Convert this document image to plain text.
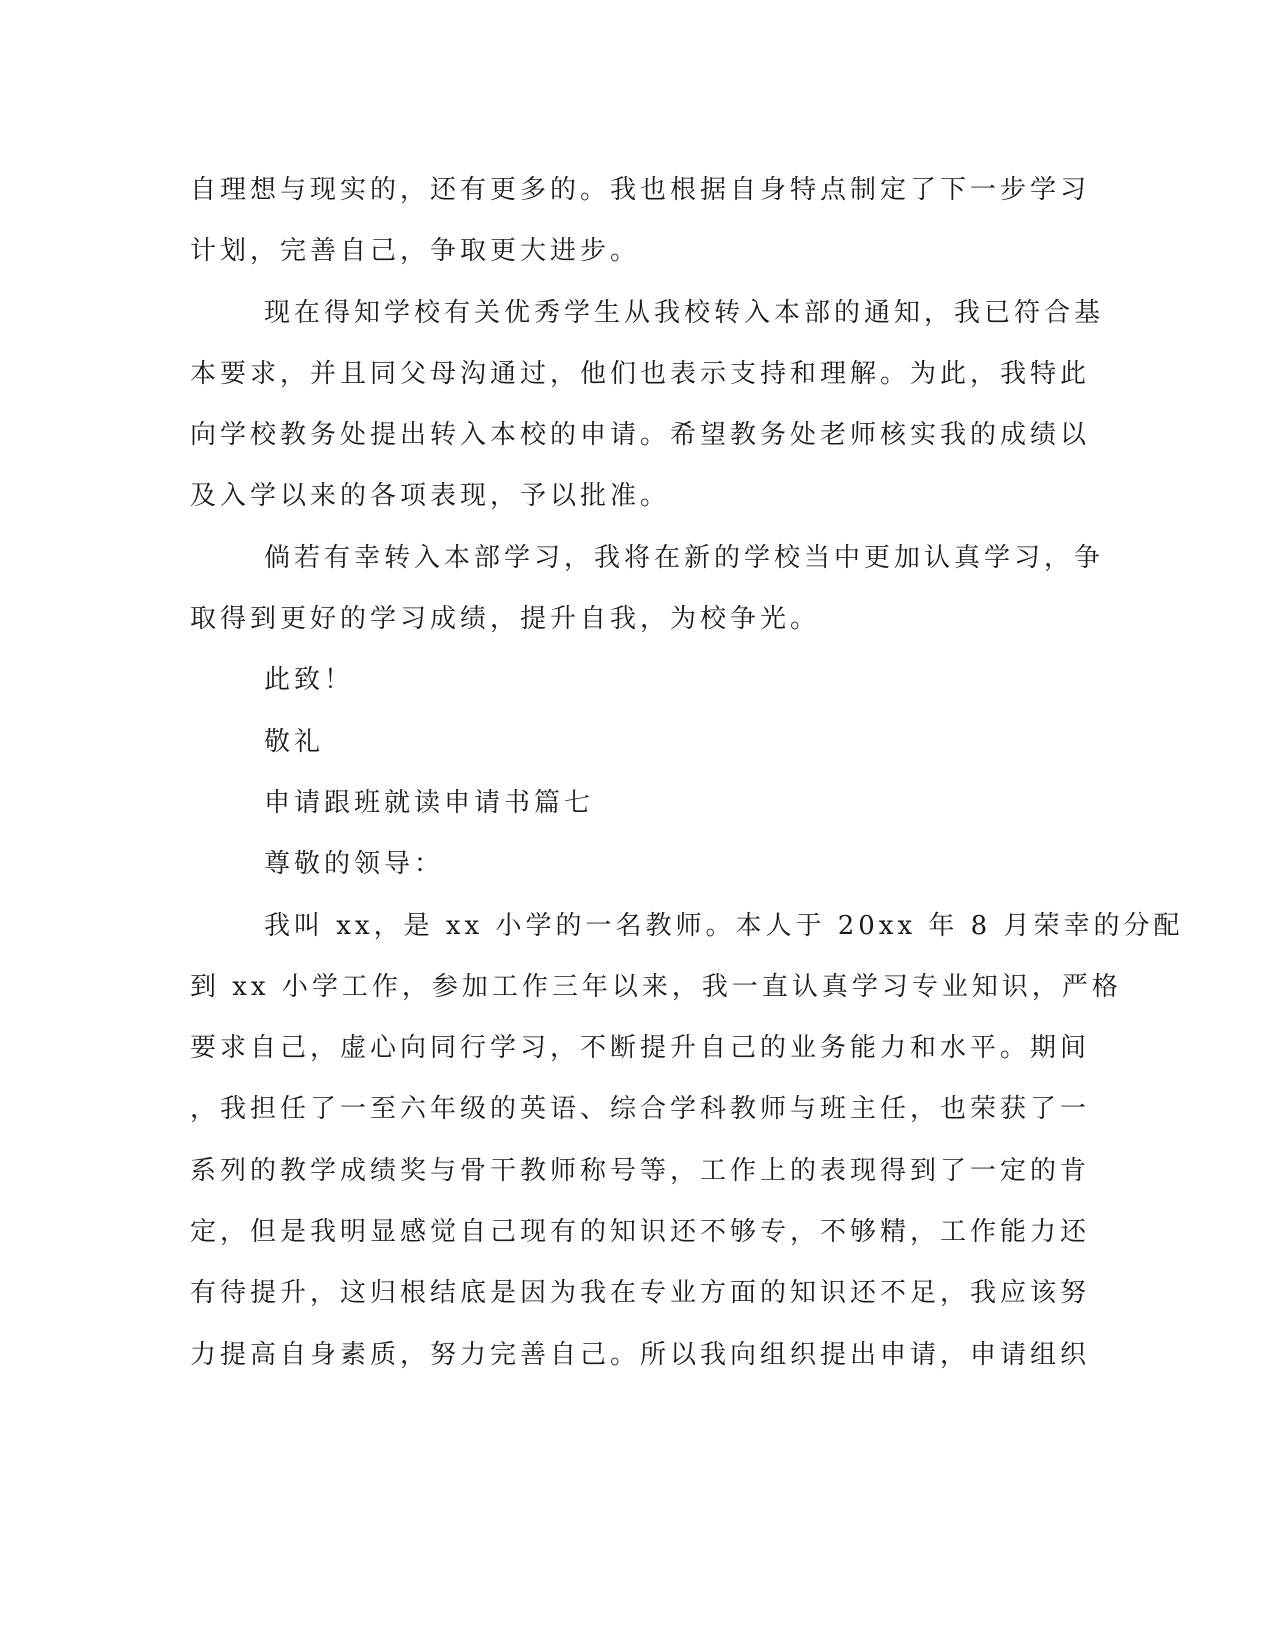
自理想与现实的，还有更多的。我也根据自身特点制定了下一步学习
计划，完善自己，争取更大进步。
现在得知学校有关优秀学生从我校转入本部的通知，我已符合基
本要求，并且同父母沟通过，他们也表示支持和理解。为此，我特此
向学校教务处提出转入本校的申请。希望教务处老师核实我的成绩以
及入学以来的各项表现，予以批准。
倘若有幸转入本部学习，我将在新的学校当中更加认真学习，争
取得到更好的学习成绩，提升自我，为校争光。
此致！
敬礼
申请跟班就读申请书篇七
尊敬的领导：
我叫 xx，是 xx 小学的一名教师。本人于 20xx 年 8 月荣幸的分配
到 xx 小学工作，参加工作三年以来，我一直认真学习专业知识，严格
要求自己，虚心向同行学习，不断提升自己的业务能力和水平。期间
，我担任了一至六年级的英语、综合学科教师与班主任，也荣获了一
系列的教学成绩奖与骨干教师称号等，工作上的表现得到了一定的肯
定，但是我明显感觉自己现有的知识还不够专，不够精，工作能力还
有待提升，这归根结底是因为我在专业方面的知识还不足，我应该努
力提高自身素质，努力完善自己。所以我向组织提出申请，申请组织
